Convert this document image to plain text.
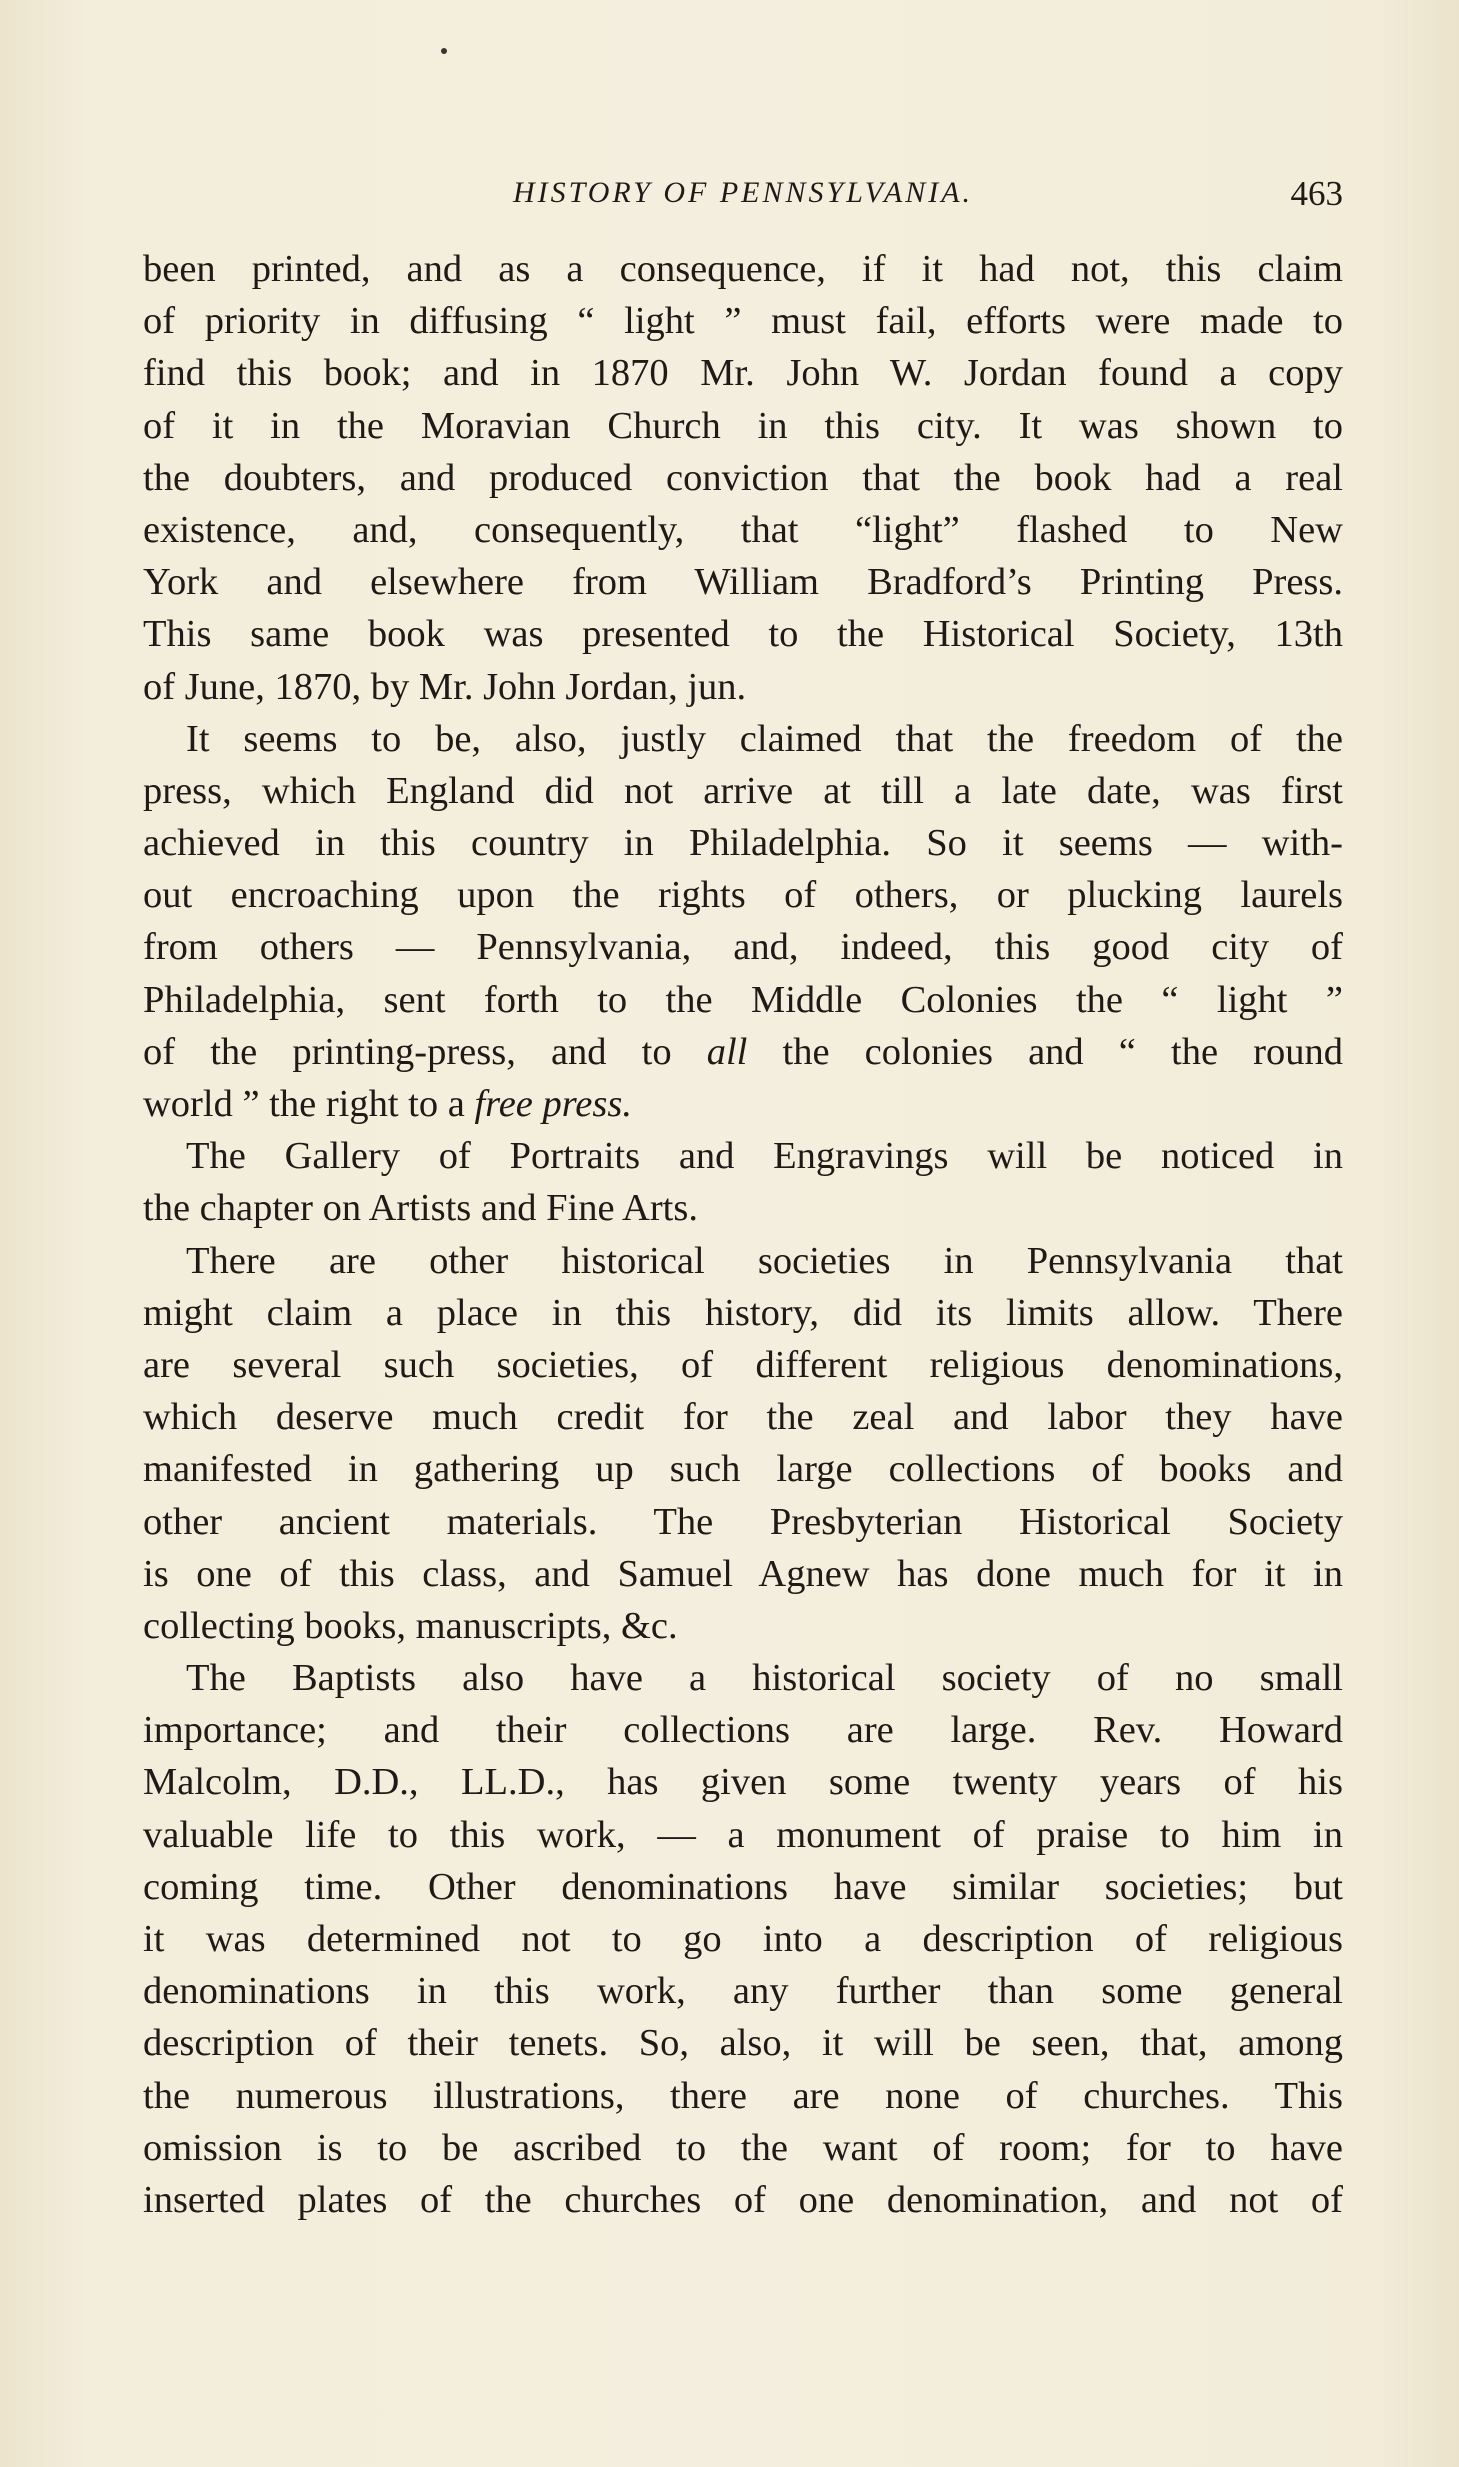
HISTORY OF PENNSYLVANIA.	463
been printed, and as a consequence, if it had not, this claim
of priority in diffusing “ light ” must fail, efforts were made to
find this book; and in 1870 Mr. John W. Jordan found a copy
of it in the Moravian Church in this city. It was shown to
the doubters, and produced conviction that the book had a real
existence, and, consequently, that “light” flashed to New
York and elsewhere from William Bradford’s Printing Press.
This same book was presented to the Historical Society, 13th
of June, 1870, by Mr. John Jordan, jun.
It seems to be, also, justly claimed that the freedom of the
press, which England did not arrive at till a late date, was first
achieved in this country in Philadelphia. So it seems — with-
out encroaching upon the rights of others, or plucking laurels
from others — Pennsylvania, and, indeed, this good city of
Philadelphia, sent forth to the Middle Colonies the “ light ”
of the printing-press, and to all the colonies and “ the round
world ” the right to a free press.
The Gallery of Portraits and Engravings will be noticed in
the chapter on Artists and Fine Arts.
There are other historical societies in Pennsylvania that
might claim a place in this history, did its limits allow. There
are several such societies, of different religious denominations,
which deserve much credit for the zeal and labor they have
manifested in gathering up such large collections of books and
other ancient materials. The Presbyterian Historical Society
is one of this class, and Samuel Agnew has done much for it in
collecting books, manuscripts, &c.
The Baptists also have a historical society of no small
importance; and their collections are large. Rev. Howard
Malcolm, D.D., LL.D., has given some twenty years of his
valuable life to this work, — a monument of praise to him in
coming time. Other denominations have similar societies; but
it was determined not to go into a description of religious
denominations in this work, any further than some general
description of their tenets. So, also, it will be seen, that, among
the numerous illustrations, there are none of churches. This
omission is to be ascribed to the want of room; for to have
inserted plates of the churches of one denomination, and not of
